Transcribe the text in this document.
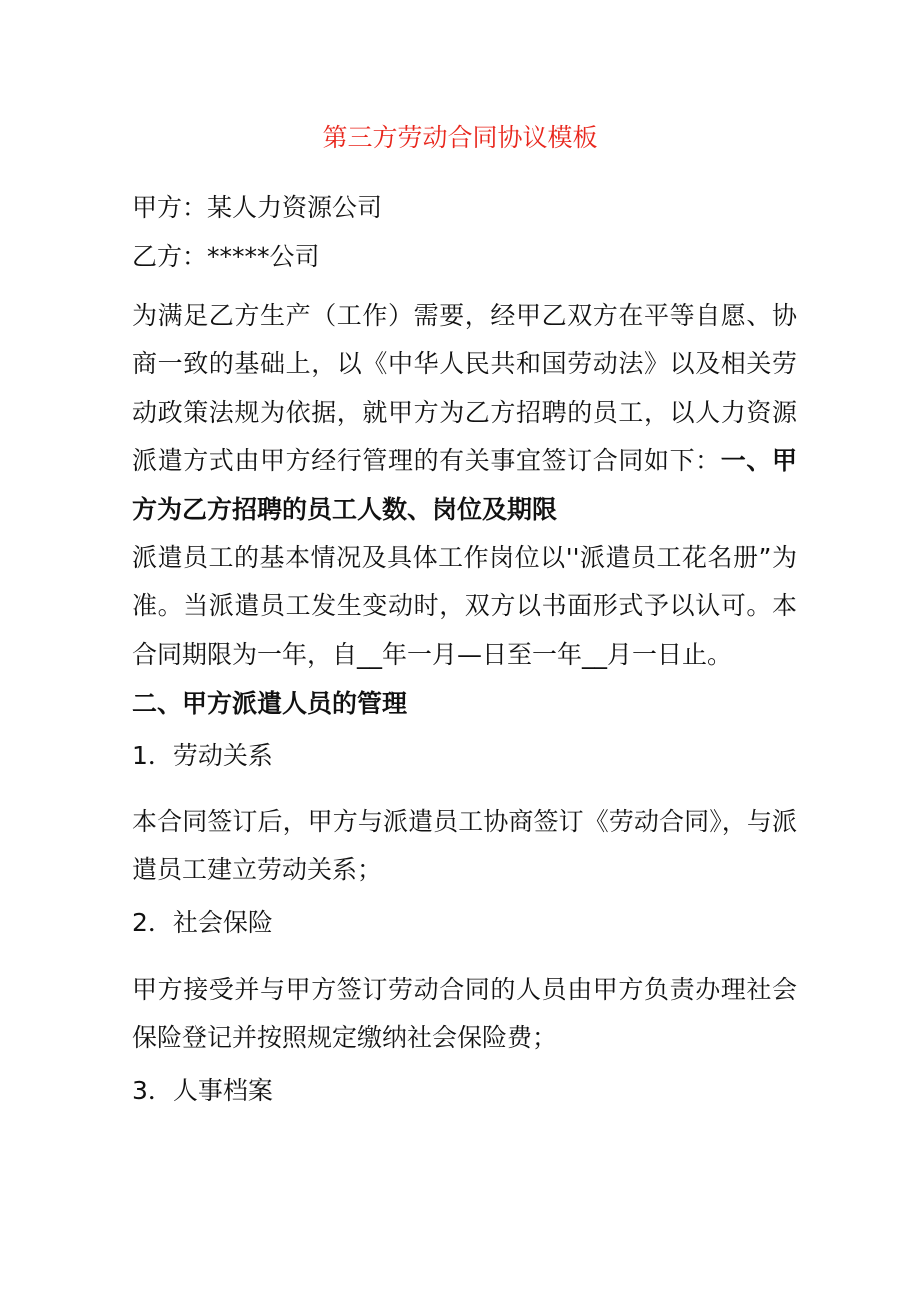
第三方劳动合同协议模板
甲方：某人力资源公司
乙方：*****公司
为满足乙方生产（工作）需要，经甲乙双方在平等自愿、协商一致的基础上，以《中华人民共和国劳动法》以及相关劳动政策法规为依据，就甲方为乙方招聘的员工，以人力资源派遣方式由甲方经行管理的有关事宜签订合同如下：一、甲方为乙方招聘的员工人数、岗位及期限
派遣员工的基本情况及具体工作岗位以''派遣员工花名册”为准。当派遣员工发生变动时，双方以书面形式予以认可。本合同期限为一年，自__年一月—日至一年__月一日止。
二、甲方派遣人员的管理
1．劳动关系
本合同签订后，甲方与派遣员工协商签订《劳动合同》，与派遣员工建立劳动关系；
2．社会保险
甲方接受并与甲方签订劳动合同的人员由甲方负责办理社会保险登记并按照规定缴纳社会保险费；
3．人事档案
